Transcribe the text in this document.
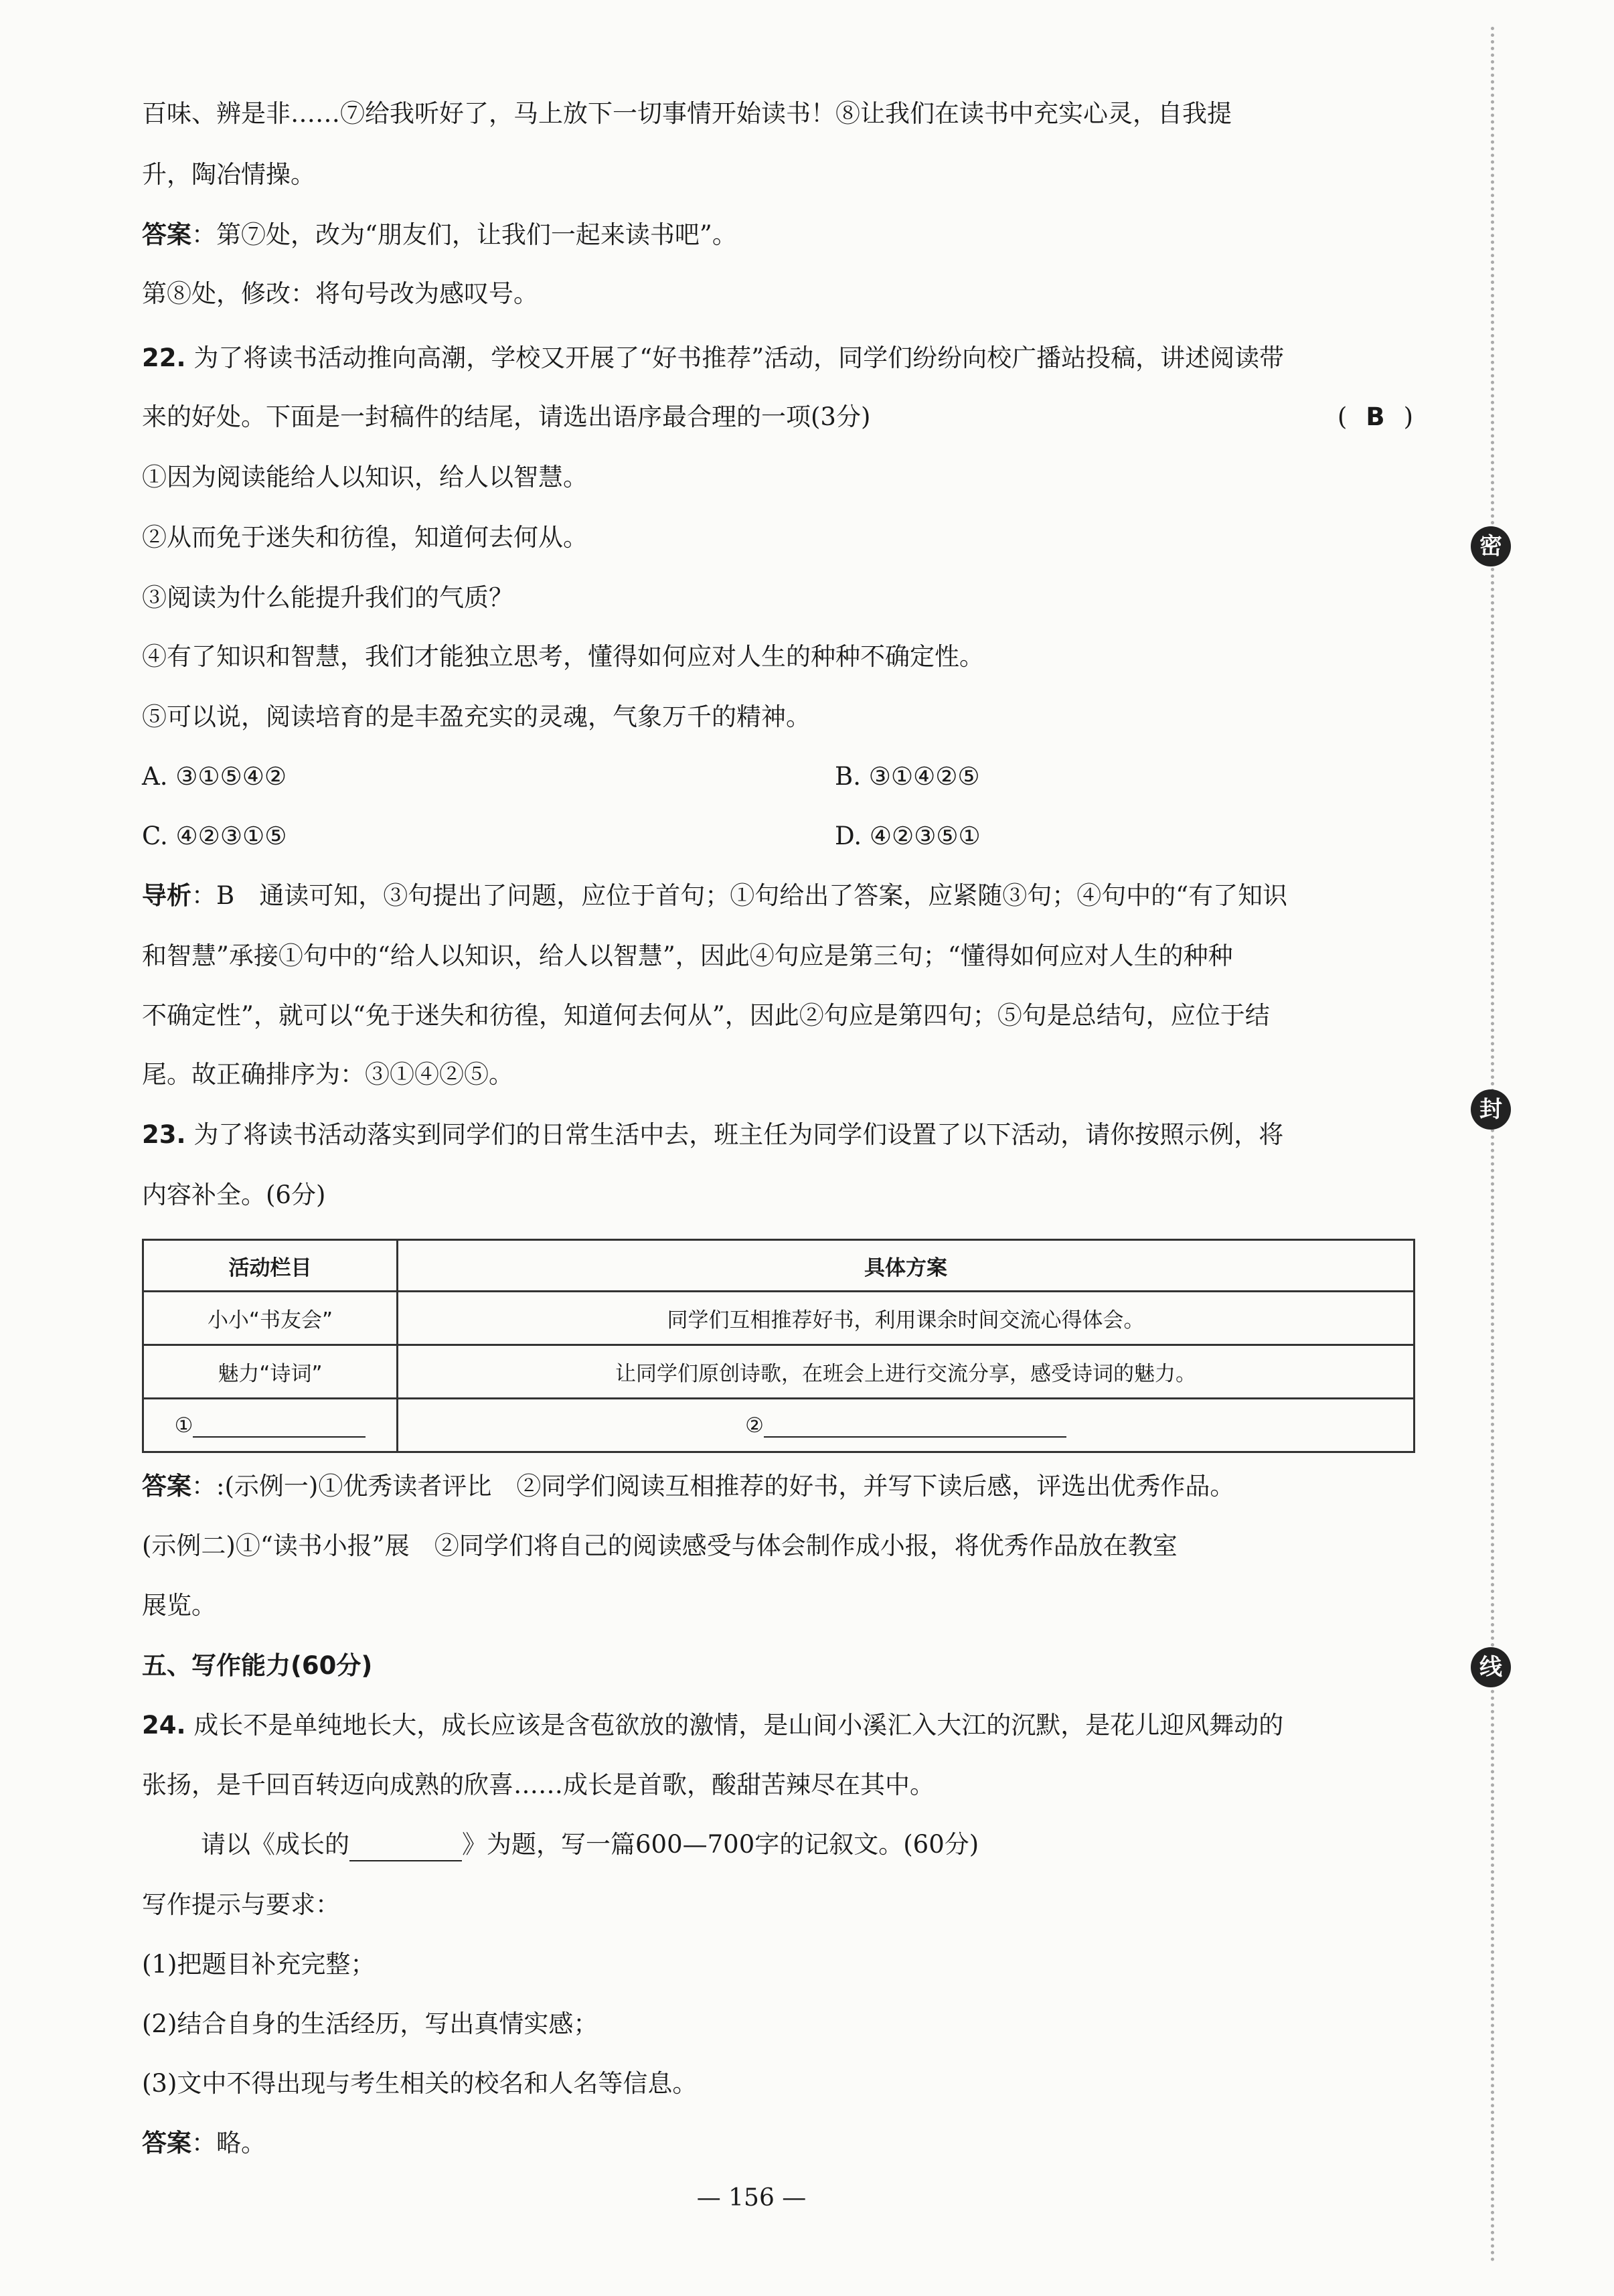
百味、辨是非……⑦给我听好了，马上放下一切事情开始读书！⑧让我们在读书中充实心灵，自我提
升，陶冶情操。
答案：第⑦处，改为“朋友们，让我们一起来读书吧”。
第⑧处，修改：将句号改为感叹号。
22. 为了将读书活动推向高潮，学校又开展了“好书推荐”活动，同学们纷纷向校广播站投稿，讲述阅读带
来的好处。下面是一封稿件的结尾，请选出语序最合理的一项(3分)	( B )
①因为阅读能给人以知识，给人以智慧。
②从而免于迷失和彷徨，知道何去何从。
③阅读为什么能提升我们的气质？
④有了知识和智慧，我们才能独立思考，懂得如何应对人生的种种不确定性。
⑤可以说，阅读培育的是丰盈充实的灵魂，气象万千的精神。
A. ③①⑤④②	B. ③①④②⑤
C. ④②③①⑤	D. ④②③⑤①
导析：B　通读可知，③句提出了问题，应位于首句；①句给出了答案，应紧随③句；④句中的“有了知识
和智慧”承接①句中的“给人以知识，给人以智慧”，因此④句应是第三句；“懂得如何应对人生的种种
不确定性”，就可以“免于迷失和彷徨，知道何去何从”，因此②句应是第四句；⑤句是总结句，应位于结
尾。故正确排序为：③①④②⑤。
23. 为了将读书活动落实到同学们的日常生活中去，班主任为同学们设置了以下活动，请你按照示例，将
内容补全。(6分)
活动栏目	具体方案
小小“书友会”	同学们互相推荐好书，利用课余时间交流心得体会。
魅力“诗词”	让同学们原创诗歌，在班会上进行交流分享，感受诗词的魅力。
①	②
答案：:(示例一)①优秀读者评比　②同学们阅读互相推荐的好书，并写下读后感，评选出优秀作品。
(示例二)①“读书小报”展　②同学们将自己的阅读感受与体会制作成小报，将优秀作品放在教室
展览。
五、写作能力(60分)
24. 成长不是单纯地长大，成长应该是含苞欲放的激情，是山间小溪汇入大江的沉默，是花儿迎风舞动的
张扬，是千回百转迈向成熟的欣喜……成长是首歌，酸甜苦辣尽在其中。
请以《成长的	》为题，写一篇600—700字的记叙文。(60分)
写作提示与要求：
(1)把题目补充完整；
(2)结合自身的生活经历，写出真情实感；
(3)文中不得出现与考生相关的校名和人名等信息。
答案：略。
密
封
线
— 156 —
